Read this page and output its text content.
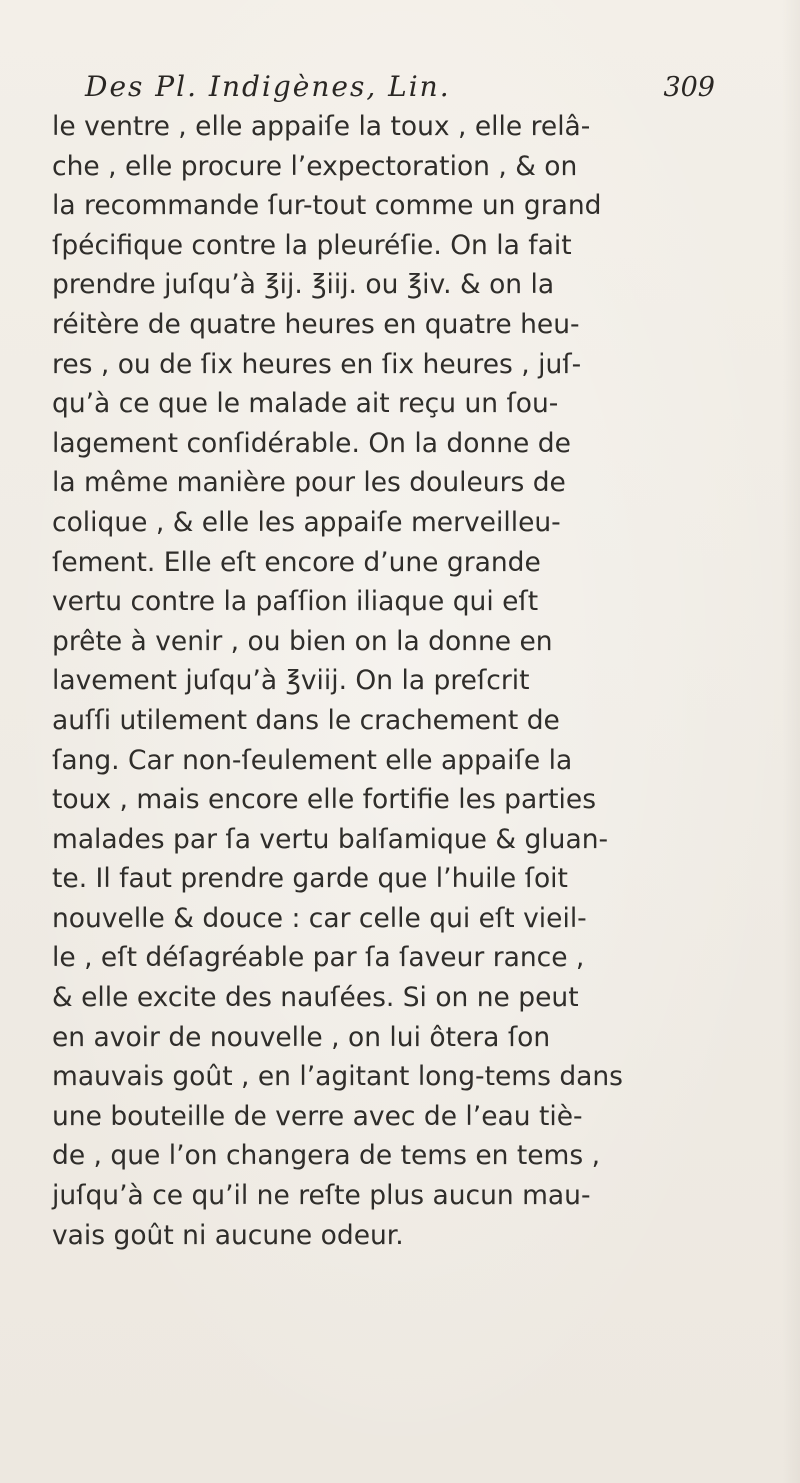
Des Pl. Indigènes, Lin.	309
le ventre , elle appaiſe la toux , elle relâ-
che , elle procure l’expectoration , & on
la recommande ſur-tout comme un grand
ſpécifique contre la pleuréſie. On la fait
prendre juſqu’à ℥ij. ℥iij. ou ℥iv. & on la
réitère de quatre heures en quatre heu-
res , ou de ſix heures en ſix heures , juſ-
qu’à ce que le malade ait reçu un ſou-
lagement conſidérable. On la donne de
la même manière pour les douleurs de
colique , & elle les appaiſe merveilleu-
ſement. Elle eſt encore d’une grande
vertu contre la paſſion iliaque qui eſt
prête à venir , ou bien on la donne en
lavement juſqu’à ℥viij. On la preſcrit
auſſi utilement dans le crachement de
ſang. Car non-ſeulement elle appaiſe la
toux , mais encore elle fortifie les parties
malades par ſa vertu balſamique & gluan-
te. Il faut prendre garde que l’huile ſoit
nouvelle & douce : car celle qui eſt vieil-
le , eſt déſagréable par ſa ſaveur rance ,
& elle excite des nauſées. Si on ne peut
en avoir de nouvelle , on lui ôtera ſon
mauvais goût , en l’agitant long-tems dans
une bouteille de verre avec de l’eau tiè-
de , que l’on changera de tems en tems ,
juſqu’à ce qu’il ne reſte plus aucun mau-
vais goût ni aucune odeur.
